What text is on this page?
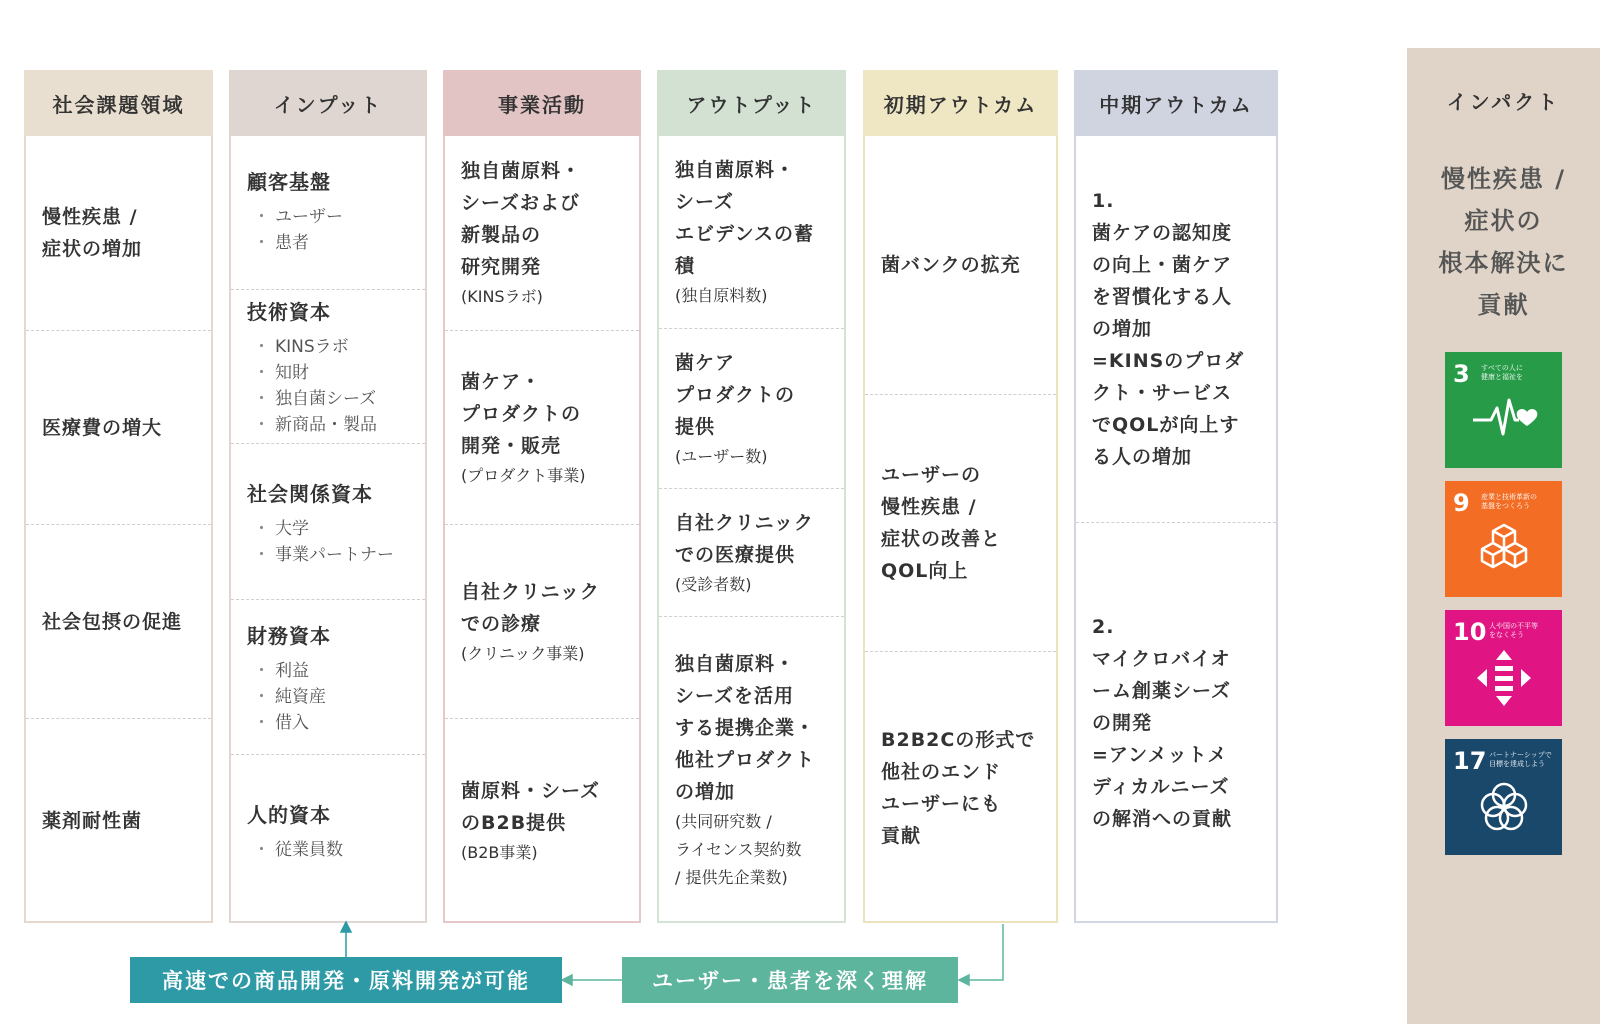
社会課題領域
慢性疾患 /
症状の増加
医療費の増大
社会包摂の促進
薬剤耐性菌
インプット
顧客基盤
・ ユーザー
・ 患者
技術資本
・ KINSラボ
・ 知財
・ 独自菌シーズ
・ 新商品・製品
社会関係資本
・ 大学
・ 事業パートナー
財務資本
・ 利益
・ 純資産
・ 借入
人的資本
・ 従業員数
事業活動
独自菌原料・
シーズおよび
新製品の
研究開発
(KINSラボ)
菌ケア・
プロダクトの
開発・販売
(プロダクト事業)
自社クリニック
での診療
(クリニック事業)
菌原料・シーズ
のB2B提供
(B2B事業)
アウトプット
独自菌原料・
シーズ
エビデンスの蓄
積
(独自原料数)
菌ケア
プロダクトの
提供
(ユーザー数)
自社クリニック
での医療提供
(受診者数)
独自菌原料・
シーズを活用
する提携企業・
他社プロダクト
の増加
(共同研究数 /
ライセンス契約数
/ 提供先企業数)
初期アウトカム
菌バンクの拡充
ユーザーの
慢性疾患 /
症状の改善と
QOL向上
B2B2Cの形式で
他社のエンド
ユーザーにも
貢献
中期アウトカム
1.
菌ケアの認知度
の向上・菌ケア
を習慣化する人
の増加
=KINSのプロダ
クト・サービス
でQOLが向上す
る人の増加
2.
マイクロバイオ
ーム創薬シーズ
の開発
=アンメットメ
ディカルニーズ
の解消への貢献
インパクト
慢性疾患 /
症状の
根本解決に
貢献
3 すべての人に
健康と福祉を
9 産業と技術革新の
基盤をつくろう
10 人や国の不平等
をなくそう
17 パートナーシップで
目標を達成しよう
高速での商品開発・原料開発が可能	ユーザー・患者を深く理解
